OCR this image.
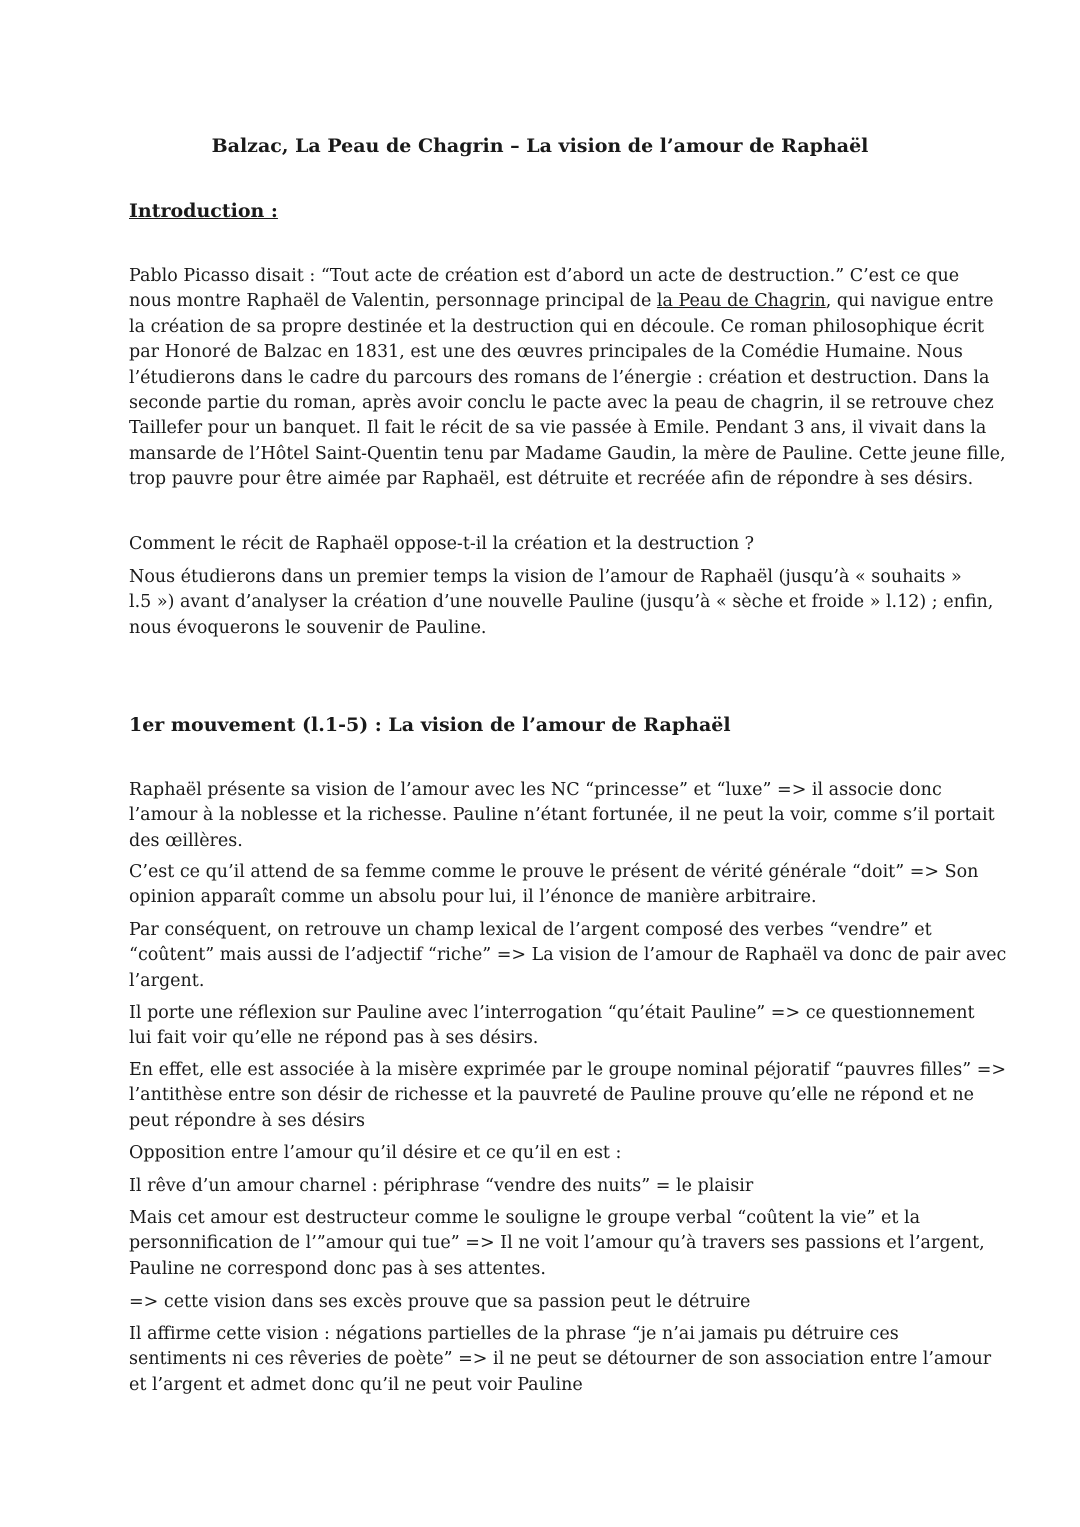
Balzac, La Peau de Chagrin – La vision de l’amour de Raphaël
Introduction :
Pablo Picasso disait : “Tout acte de création est d’abord un acte de destruction.” C’est ce que
nous montre Raphaël de Valentin, personnage principal de la Peau de Chagrin, qui navigue entre
la création de sa propre destinée et la destruction qui en découle. Ce roman philosophique écrit
par Honoré de Balzac en 1831, est une des œuvres principales de la Comédie Humaine. Nous
l’étudierons dans le cadre du parcours des romans de l’énergie : création et destruction. Dans la
seconde partie du roman, après avoir conclu le pacte avec la peau de chagrin, il se retrouve chez
Taillefer pour un banquet. Il fait le récit de sa vie passée à Emile. Pendant 3 ans, il vivait dans la
mansarde de l’Hôtel Saint-Quentin tenu par Madame Gaudin, la mère de Pauline. Cette jeune fille,
trop pauvre pour être aimée par Raphaël, est détruite et recréée afin de répondre à ses désirs.
Comment le récit de Raphaël oppose-t-il la création et la destruction ?
Nous étudierons dans un premier temps la vision de l’amour de Raphaël (jusqu’à « souhaits »
l.5 ») avant d’analyser la création d’une nouvelle Pauline (jusqu’à « sèche et froide » l.12) ; enfin,
nous évoquerons le souvenir de Pauline.
1er mouvement (l.1-5) : La vision de l’amour de Raphaël
Raphaël présente sa vision de l’amour avec les NC “princesse” et “luxe” => il associe donc
l’amour à la noblesse et la richesse. Pauline n’étant fortunée, il ne peut la voir, comme s’il portait
des œillères.
C’est ce qu’il attend de sa femme comme le prouve le présent de vérité générale “doit” => Son
opinion apparaît comme un absolu pour lui, il l’énonce de manière arbitraire.
Par conséquent, on retrouve un champ lexical de l’argent composé des verbes “vendre” et
“coûtent” mais aussi de l’adjectif “riche” => La vision de l’amour de Raphaël va donc de pair avec
l’argent.
Il porte une réflexion sur Pauline avec l’interrogation “qu’était Pauline” => ce questionnement
lui fait voir qu’elle ne répond pas à ses désirs.
En effet, elle est associée à la misère exprimée par le groupe nominal péjoratif “pauvres filles” =>
l’antithèse entre son désir de richesse et la pauvreté de Pauline prouve qu’elle ne répond et ne
peut répondre à ses désirs
Opposition entre l’amour qu’il désire et ce qu’il en est :
Il rêve d’un amour charnel : périphrase “vendre des nuits” = le plaisir
Mais cet amour est destructeur comme le souligne le groupe verbal “coûtent la vie” et la
personnification de l’”amour qui tue” => Il ne voit l’amour qu’à travers ses passions et l’argent,
Pauline ne correspond donc pas à ses attentes.
=> cette vision dans ses excès prouve que sa passion peut le détruire
Il affirme cette vision : négations partielles de la phrase “je n’ai jamais pu détruire ces
sentiments ni ces rêveries de poète” => il ne peut se détourner de son association entre l’amour
et l’argent et admet donc qu’il ne peut voir Pauline
